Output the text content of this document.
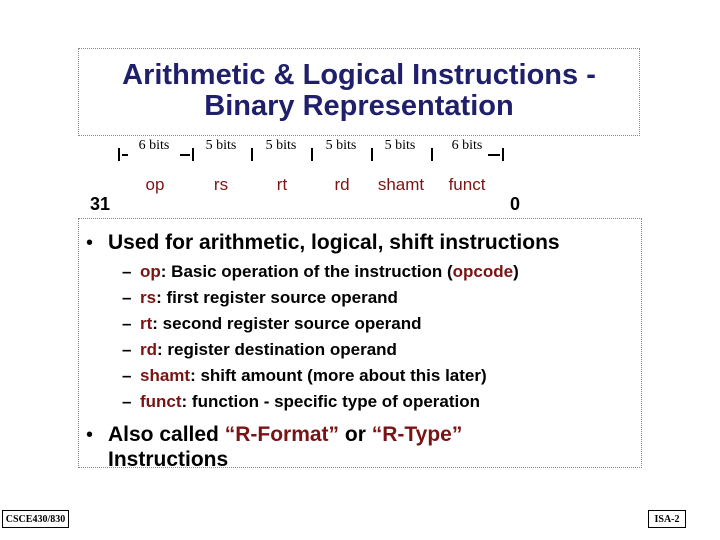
Arithmetic & Logical Instructions -
Binary Representation
6 bits	5 bits	5 bits	5 bits	5 bits	6 bits
op	rs	rt	rd	shamt	funct
31	0
• Used for arithmetic, logical, shift instructions
– op: Basic operation of the instruction (opcode)
– rs: first register source operand
– rt: second register source operand
– rd: register destination operand
– shamt: shift amount (more about this later)
– funct: function - specific type of operation
• Also called “R-Format” or “R-Type”
Instructions
CSCE430/830	ISA-2
